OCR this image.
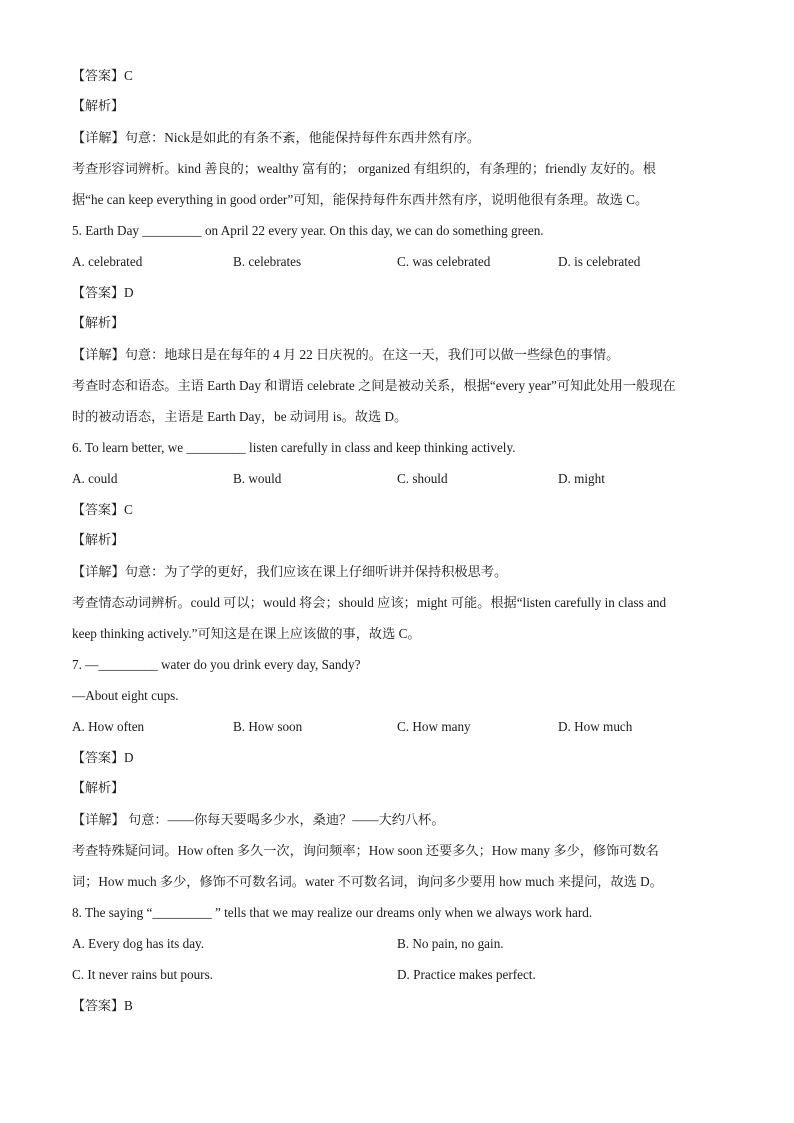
【答案】C
【解析】
【详解】句意：Nick是如此的有条不紊，他能保持每件东西井然有序。
考查形容词辨析。kind 善良的；wealthy 富有的； organized 有组织的，有条理的；friendly 友好的。根
据“he can keep everything in good order”可知，能保持每件东西井然有序，说明他很有条理。故选 C。
5. Earth Day _________ on April 22 every year. On this day, we can do something green.
A. celebrated	B. celebrates	C. was celebrated	D. is celebrated
【答案】D
【解析】
【详解】句意：地球日是在每年的 4 月 22 日庆祝的。在这一天，我们可以做一些绿色的事情。
考查时态和语态。主语 Earth Day 和谓语 celebrate 之间是被动关系，根据“every year”可知此处用一般现在
时的被动语态，主语是 Earth Day，be 动词用 is。故选 D。
6. To learn better, we _________ listen carefully in class and keep thinking actively.
A. could	B. would	C. should	D. might
【答案】C
【解析】
【详解】句意：为了学的更好，我们应该在课上仔细听讲并保持积极思考。
考查情态动词辨析。could 可以；would 将会；should 应该；might 可能。根据“listen carefully in class and
keep thinking actively.”可知这是在课上应该做的事，故选 C。
7. —_________ water do you drink every day, Sandy?
—About eight cups.
A. How often	B. How soon	C. How many	D. How much
【答案】D
【解析】
【详解】 句意：——你每天要喝多少水，桑迪？——大约八杯。
考查特殊疑问词。How often 多久一次，询问频率；How soon 还要多久；How many 多少，修饰可数名
词；How much 多少，修饰不可数名词。water 不可数名词，询问多少要用 how much 来提问，故选 D。
8. The saying “_________ ” tells that we may realize our dreams only when we always work hard.
A. Every dog has its day.	B. No pain, no gain.
C. It never rains but pours.	D. Practice makes perfect.
【答案】B
